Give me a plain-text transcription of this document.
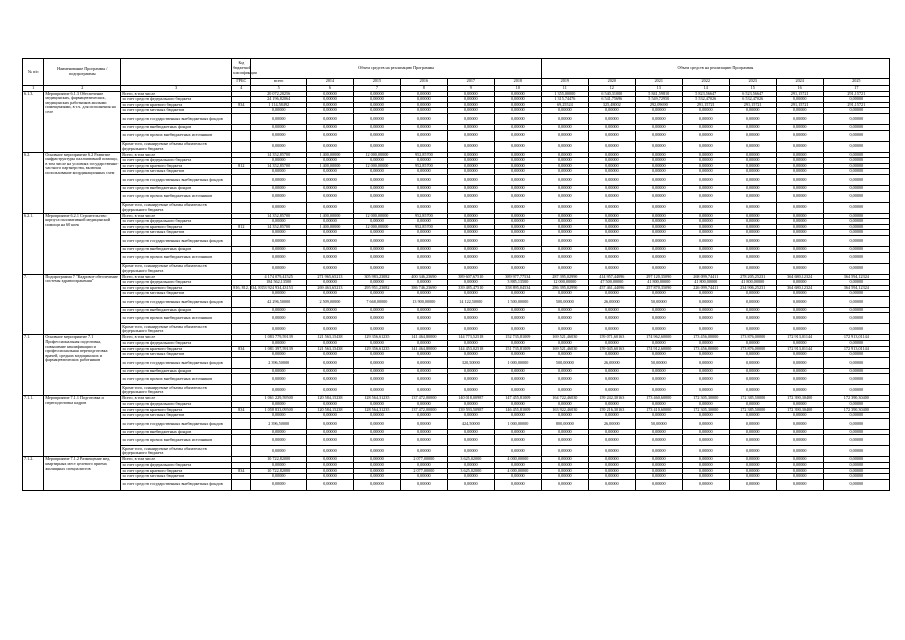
№ п/п	Наименование Программы / подпрограммы		Код бюджетной классификации	Объем средств на реализацию Программы						Объем средств на реализацию Программы						
			ГРБС	всего	2014	2015	2016	2017	2018	2019	2020	2021	2022	2023	2024	2025
1	2	3	4	5	6	7	8	9	10	11	12	13	14	15	16	17
6.1.3.	Мероприятие 6.1.3 Обеспечение медицинских, фармацевтических, медицинских работников жилыми помещениями, в т.ч. для исполнения на селе	Всего, в том числе		20 072,20256	0,00000	0,00000	0,00000	0,00000	0,00000	1 355,00000	6 540,31000	5 841,59810	5 823,56647	6 523,56647	291,15721	291,15721
		за счет средств федерального бюджета		24 196,82064	0,00000	0,00000	0,00000	0,00000	0,00000	1 315,74476	6 541,75696	5 549,72950	5 532,47026	6 532,47026	0,00000	0,00000
		за счет средств краевого бюджета	834	1 114,58492	0,00000	0,00000	0,00000	0,00000	0,00000	69,25524	325,48002	292,09690	291,15721	291,15721	291,15721	291,15721
		за счет средств местных бюджетов		0,00000	0,00000	0,00000	0,00000	0,00000	0,00000	0,00000	0,00000	0,00000	0,00000	0,00000	0,00000	0,00000
		за счет средств государственных внебюджетных фондов		0,00000	0,00000	0,00000	0,00000	0,00000	0,00000	0,00000	0,00000	0,00000	0,00000	0,00000	0,00000	0,00000
		за счет средств внебюджетных фондов		0,00000	0,00000	0,00000	0,00000	0,00000	0,00000	0,00000	0,00000	0,00000	0,00000	0,00000	0,00000	0,00000
		за счет средств прочих внебюджетных источников		0,00000	0,00000	0,00000	0,00000	0,00000	0,00000	0,00000	0,00000	0,00000	0,00000	0,00000	0,00000	0,00000
		Кроме того, планируемые объемы обязательств федерального бюджета		0,00000	0,00000	0,00000	0,00000	0,00000	0,00000	0,00000	0,00000	0,00000	0,00000	0,00000	0,00000	0,00000
6.2.	Основное мероприятие 6.2 Развитие инфраструктуры паллиативной помощи, в том числе на условиях государственно-частного партнерства, включая использование координационных схем	Всего, в том числе		14 352,85700	1 400,00000	12 000,00000	952,85700	0,00000	0,00000	0,00000	0,00000	0,00000	0,00000	0,00000	0,00000	0,00000
		за счет средств федерального бюджета		0,00000	0,00000	0,00000	0,00000	0,00000	0,00000	0,00000	0,00000	0,00000	0,00000	0,00000	0,00000	0,00000
		за счет средств краевого бюджета	812	14 352,85700	1 400,00000	12 000,00000	952,85700	0,00000	0,00000	0,00000	0,00000	0,00000	0,00000	0,00000	0,00000	0,00000
		за счет средств местных бюджетов		0,00000	0,00000	0,00000	0,00000	0,00000	0,00000	0,00000	0,00000	0,00000	0,00000	0,00000	0,00000	0,00000
		за счет средств государственных внебюджетных фондов		0,00000	0,00000	0,00000	0,00000	0,00000	0,00000	0,00000	0,00000	0,00000	0,00000	0,00000	0,00000	0,00000
		за счет средств внебюджетных фондов		0,00000	0,00000	0,00000	0,00000	0,00000	0,00000	0,00000	0,00000	0,00000	0,00000	0,00000	0,00000	0,00000
		за счет средств прочих внебюджетных источников		0,00000	0,00000	0,00000	0,00000	0,00000	0,00000	0,00000	0,00000	0,00000	0,00000	0,00000	0,00000	0,00000
		Кроме того, планируемые объемы обязательств федерального бюджета		0,00000	0,00000	0,00000	0,00000	0,00000	0,00000	0,00000	0,00000	0,00000	0,00000	0,00000	0,00000	0,00000
6.2.1.	Мероприятие 6.2.1 Строительство корпуса паллиативной медицинской помощи на 60 коек	Всего, в том числе		14 352,85700	1 400,00000	12 000,00000	952,85700	0,00000	0,00000	0,00000	0,00000	0,00000	0,00000	0,00000	0,00000	0,00000
		за счет средств федерального бюджета		0,00000	0,00000	0,00000	0,00000	0,00000	0,00000	0,00000	0,00000	0,00000	0,00000	0,00000	0,00000	0,00000
		за счет средств краевого бюджета	812	14 352,85700	1 400,00000	12 000,00000	952,85700	0,00000	0,00000	0,00000	0,00000	0,00000	0,00000	0,00000	0,00000	0,00000
		за счет средств местных бюджетов		0,00000	0,00000	0,00000	0,00000	0,00000	0,00000	0,00000	0,00000	0,00000	0,00000	0,00000	0,00000	0,00000
		за счет средств государственных внебюджетных фондов		0,00000	0,00000	0,00000	0,00000	0,00000	0,00000	0,00000	0,00000	0,00000	0,00000	0,00000	0,00000	0,00000
		за счет средств внебюджетных фондов		0,00000	0,00000	0,00000	0,00000	0,00000	0,00000	0,00000	0,00000	0,00000	0,00000	0,00000	0,00000	0,00000
		за счет средств прочих внебюджетных источников		0,00000	0,00000	0,00000	0,00000	0,00000	0,00000	0,00000	0,00000	0,00000	0,00000	0,00000	0,00000	0,00000
		Кроме того, планируемые объемы обязательств федерального бюджета		0,00000	0,00000	0,00000	0,00000	0,00000	0,00000	0,00000	0,00000	0,00000	0,00000	0,00000	0,00000	0,00000
7.	Подпрограмма 7 "Кадровое обеспечение системы здравоохранения"	Всего, в том числе		4 174 079,41525	271 965,65213	305 983,23082	400 346,23690	389 607,67510	389 977,77534	287 395,02990	414 957,44096	297 120,35090	268 099,74411	278 205,25231	364 680,12324	364 594,12324
		за счет средств федерального бюджета		184 562,13500	0,00000	0,00000	0,00000	0,00000	3 885,13500	12 000,00000	47 500,00000	41 800,00000	41 800,00000	41 800,00000	0,00000	0,00000
		за счет средств краевого бюджета	816, 812, 834, 835	3 924 934,43153	269 463,65213	295 951,23082	386 746,23690	339 485,47510	358 895,04534	286 395,02990	457 461,44096	257 870,35090	226 099,74411	234 906,25231	364 680,12324	364 594,12324
		за счет средств местных бюджетов		0,00000	0,00000	0,00000	0,00000	0,00000	0,00000	0,00000	0,00000	0,00000	0,00000	0,00000	0,00000	0,00000
		за счет средств государственных внебюджетных фондов		42 296,50000	2 509,00000	7 668,00000	13 900,00000	14 122,50000	1 500,00000	500,00000	26,00000	50,00000	0,00000	0,00000	0,00000	0,00000
		за счет средств внебюджетных фондов		0,00000	0,00000	0,00000	0,00000	0,00000	0,00000	0,00000	0,00000	0,00000	0,00000	0,00000	0,00000	0,00000
		за счет средств прочих внебюджетных источников		0,00000	0,00000	0,00000	0,00000	0,00000	0,00000	0,00000	0,00000	0,00000	0,00000	0,00000	0,00000	0,00000
		Кроме того, планируемые объемы обязательств федерального бюджета		0,00000	0,00000	0,00000	0,00000	0,00000	0,00000	0,00000	0,00000	0,00000	0,00000	0,00000	0,00000	0,00000
7.1.	Основное мероприятие 7.1 Профессиональная подготовка, повышение квалификации и профессиональная переподготовка врачей, средних медицинских и фармацевтических работников	Всего, в том числе		1 083 779,59139	121 563,15438	129 356,61235	141 464,80000	144 773,52518	152 735,81009	169 521,46030	159 071,60163	174 962,60000	173 456,00000	173 876,00000	172 913,01144	172 913,01144
		за счет средств федерального бюджета		0,00000	0,00000	0,00000	0,00000	0,00000	0,00000	0,00000	0,00000	0,00000	0,00000	0,00000	0,00000	0,00000
		за счет средств краевого бюджета	834	1 081 397,59139	121 563,15438	129 356,61235	141 464,80000	144 453,02518	151 735,81009	169 521,46030	159 045,60163	174 912,60000	173 456,00000	173 876,00000	172 913,01144	172 913,01144
		за счет средств местных бюджетов		0,00000	0,00000	0,00000	0,00000	0,00000	0,00000	0,00000	0,00000	0,00000	0,00000	0,00000	0,00000	0,00000
		за счет средств государственных внебюджетных фондов		2 396,50000	0,00000	0,00000	0,00000	320,50000	1 000,00000	500,00000	26,00000	50,00000	0,00000	0,00000	0,00000	0,00000
		за счет средств внебюджетных фондов		0,00000	0,00000	0,00000	0,00000	0,00000	0,00000	0,00000	0,00000	0,00000	0,00000	0,00000	0,00000	0,00000
		за счет средств прочих внебюджетных источников		0,00000	0,00000	0,00000	0,00000	0,00000	0,00000	0,00000	0,00000	0,00000	0,00000	0,00000	0,00000	0,00000
		Кроме того, планируемые объемы обязательств федерального бюджета		0,00000	0,00000	0,00000	0,00000	0,00000	0,00000	0,00000	0,00000	0,00000	0,00000	0,00000	0,00000	0,00000
7.1.1.	Мероприятие 7.1.1 Подготовка и переподготовка кадров	Всего, в том числе		1 061 229,59500	120 584,15238	128 564,31235	137 472,00000	140 018,00987	147 455,81009	164 722,46030	159 242,30163	173 460,60000	172 305,30000	172 385,50000	172 390,30400	172 390,30400
		за счет средств федерального бюджета		0,00000	0,00000	0,00000	0,00000	0,00000	0,00000	0,00000	0,00000	0,00000	0,00000	0,00000	0,00000	0,00000
		за счет средств краевого бюджета	834	1 058 833,09500	120 584,15238	128 564,31235	137 472,00000	139 593,50987	146 455,81009	163 922,46030	159 216,30163	173 410,60000	172 305,30000	172 385,50000	172 390,30400	172 390,30400
		за счет средств местных бюджетов		0,00000	0,00000	0,00000	0,00000	0,00000	0,00000	0,00000	0,00000	0,00000	0,00000	0,00000	0,00000	0,00000
		за счет средств государственных внебюджетных фондов		2 396,50000	0,00000	0,00000	0,00000	424,50000	1 000,00000	800,00000	26,00000	50,00000	0,00000	0,00000	0,00000	0,00000
		за счет средств внебюджетных фондов		0,00000	0,00000	0,00000	0,00000	0,00000	0,00000	0,00000	0,00000	0,00000	0,00000	0,00000	0,00000	0,00000
		за счет средств прочих внебюджетных источников		0,00000	0,00000	0,00000	0,00000	0,00000	0,00000	0,00000	0,00000	0,00000	0,00000	0,00000	0,00000	0,00000
		Кроме того, планируемые объемы обязательств федерального бюджета		0,00000	0,00000	0,00000	0,00000	0,00000	0,00000	0,00000	0,00000	0,00000	0,00000	0,00000	0,00000	0,00000
7.1.2.	Мероприятие 7.1.2 Размещение мед. квартирных мест целевого приема жилищных специалистов	Всего, в том числе		10 722,82000	0,00000	0,00000	2 077,00000	3 625,02000	4 000,00000	0,00000	0,00000	0,00000	0,00000	0,00000	0,00000	0,00000
		за счет средств федерального бюджета		0,00000	0,00000	0,00000	0,00000	0,00000	0,00000	0,00000	0,00000	0,00000	0,00000	0,00000	0,00000	0,00000
		за счет средств краевого бюджета	834	10 722,82000	0,00000	0,00000	2 077,00000	3 625,02000	4 000,00000	0,00000	0,00000	0,00000	0,00000	0,00000	0,00000	0,00000
		за счет средств местных бюджетов		0,00000	0,00000	0,00000	0,00000	0,00000	0,00000	0,00000	0,00000	0,00000	0,00000	0,00000	0,00000	0,00000
		за счет средств государственных внебюджетных фондов		0,00000	0,00000	0,00000	0,00000	0,00000	0,00000	0,00000	0,00000	0,00000	0,00000	0,00000	0,00000	0,00000
